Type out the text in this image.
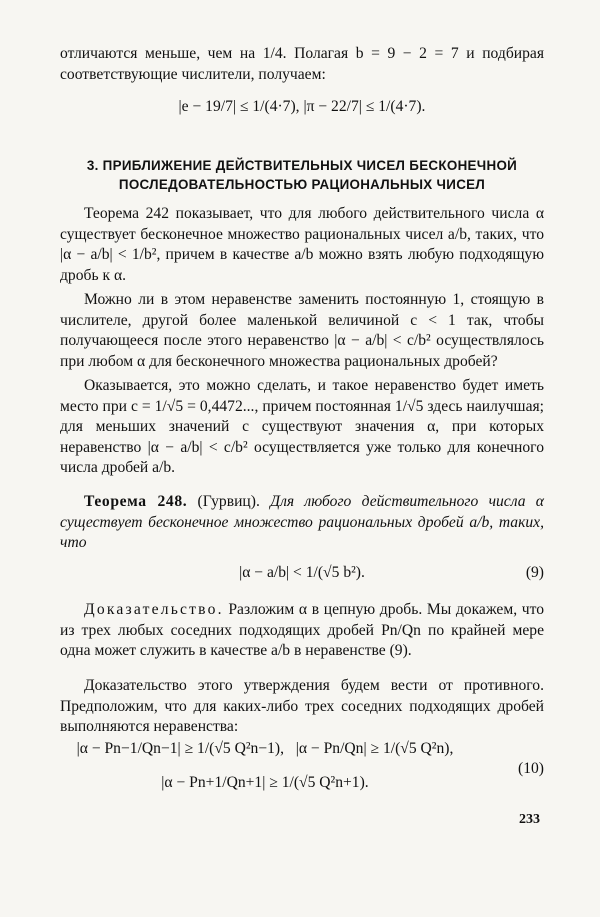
отличаются меньше, чем на 1/4. Полагая b = 9 − 2 = 7 и подбирая соответствующие числители, получаем:

|e − 19/7| ≤ 1/(4·7), |π − 22/7| ≤ 1/(4·7).
3. ПРИБЛИЖЕНИЕ ДЕЙСТВИТЕЛЬНЫХ ЧИСЕЛ БЕСКОНЕЧНОЙ
ПОСЛЕДОВАТЕЛЬНОСТЬЮ РАЦИОНАЛЬНЫХ ЧИСЕЛ

Теорема 242 показывает, что для любого действительного числа α существует бесконечное множество рациональных чисел a/b, таких, что |α − a/b| < 1/b², причем в качестве a/b можно взять любую подходящую дробь к α.

Можно ли в этом неравенстве заменить постоянную 1, стоящую в числителе, другой более маленькой величиной c < 1 так, чтобы получающееся после этого неравенство |α − a/b| < c/b² осуществлялось при любом α для бесконечного множества рациональных дробей?

Оказывается, это можно сделать, и такое неравенство будет иметь место при c = 1/√5 = 0,4472..., причем постоянная 1/√5 здесь наилучшая; для меньших значений c существуют значения α, при которых неравенство |α − a/b| < c/b² осуществляется уже только для конечного числа дробей a/b.

Теорема 248. (Гурвиц). Для любого действительного числа α существует бесконечное множество рациональных дробей a/b, таких, что

|α − a/b| < 1/(√5 b²).	(9)

Доказательство. Разложим α в цепную дробь. Мы докажем, что из трех любых соседних подходящих дробей Pn/Qn по крайней мере одна может служить в качестве a/b в неравенстве (9).

Доказательство этого утверждения будем вести от противного. Предположим, что для каких-либо трех соседних подходящих дробей выполняются неравенства:

|α − Pn−1/Qn−1| ≥ 1/(√5 Q²n−1), |α − Pn/Qn| ≥ 1/(√5 Q²n),
|α − Pn+1/Qn+1| ≥ 1/(√5 Q²n+1).
(10)
233
